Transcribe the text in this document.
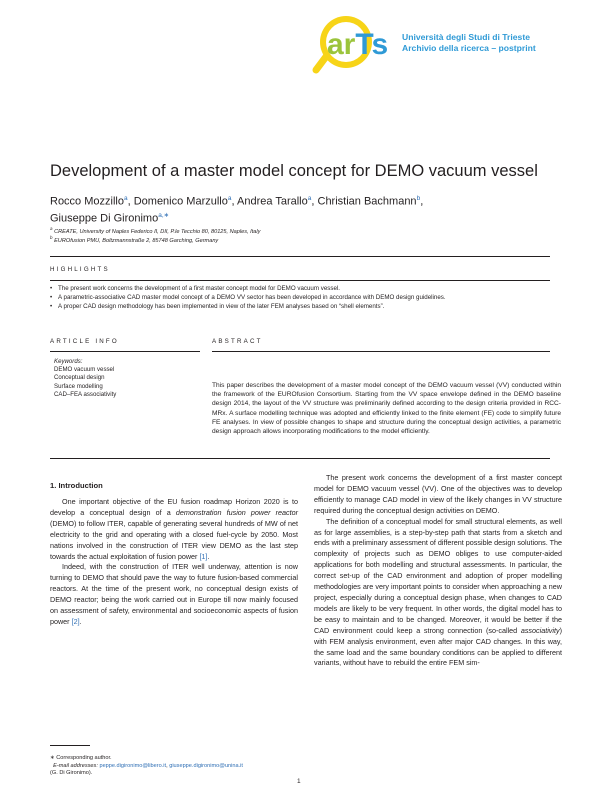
arTs Università degli Studi di Trieste
Archivio della ricerca – postprint
Development of a master model concept for DEMO vacuum vessel
Rocco Mozzillo$^a$, Domenico Marzullo$^a$, Andrea Tarallo$^a$, Christian Bachmann$^b$,
Giuseppe Di Gironimo$^{a,∗}$
$^a$ CREATE, University of Naples Federico II, DII, P.le Tecchio 80, 80125, Naples, Italy
$^b$ EUROfusion PMU, Boltzmannstraße 2, 85748 Garching, Germany
HIGHLIGHTS
• The present work concerns the development of a first master concept model for DEMO vacuum vessel.
• A parametric-associative CAD master model concept of a DEMO VV sector has been developed in accordance with DEMO design guidelines.
• A proper CAD design methodology has been implemented in view of the later FEM analyses based on “shell elements”.
ARTICLE INFO	ABSTRACT
Keywords:
DEMO vacuum vessel
Conceptual design
Surface modelling
CAD–FEA associativity
This paper describes the development of a master model concept of the DEMO vacuum vessel (VV) conducted within the framework of the EUROfusion Consortium. Starting from the VV space envelope defined in the DEMO baseline design 2014, the layout of the VV structure was preliminarily defined according to the design criteria provided in RCC-MRx. A surface modelling technique was adopted and efficiently linked to the finite element (FE) code to simplify future FE analyses. In view of possible changes to shape and structure during the conceptual design activities, a parametric design approach allows incorporating modifications to the model efficiently.
1. Introduction

One important objective of the EU fusion roadmap Horizon 2020 is to develop a conceptual design of a demonstration fusion power reactor (DEMO) to follow ITER, capable of generating several hundreds of MW of net electricity to the grid and operating with a closed fuel-cycle by 2050. Most nations involved in the construction of ITER view DEMO as the last step towards the actual exploitation of fusion power [1].

Indeed, with the construction of ITER well underway, attention is now turning to DEMO that should pave the way to future fusion-based commercial reactors. At the time of the present work, no conceptual design exists of DEMO reactor; being the work carried out in Europe till now mainly focused on assessment of safety, environmental and socioeconomic aspects of fusion power [2].

The present work concerns the development of a first master concept model for DEMO vacuum vessel (VV). One of the objectives was to develop efficiently to manage CAD model in view of the likely changes in VV structure required during the conceptual design activities on DEMO.

The definition of a conceptual model for small structural elements, as well as for large assemblies, is a step-by-step path that starts from a sketch and ends with a preliminary assessment of different possible design solutions. The complexity of projects such as DEMO obliges to use computer-aided applications for both modelling and structural assessments. In particular, the correct set-up of the CAD environment and adoption of proper modelling methodologies are very important points to consider when approaching a new project, especially during a conceptual design phase, when changes to CAD models are likely to be very frequent. In other words, the digital model has to be easy to maintain and to be changed. Moreover, it would be better if the CAD environment could keep a strong connection (so-called associativity) with FEM analysis environment, even after major CAD changes. In this way, the same load and the same boundary conditions can be applied to different variants, without have to rebuild the entire FEM sim-

∗ Corresponding author.
E-mail addresses: peppe.digironimo@libero.it, giuseppe.digironimo@unina.it
(G. Di Gironimo).
1
